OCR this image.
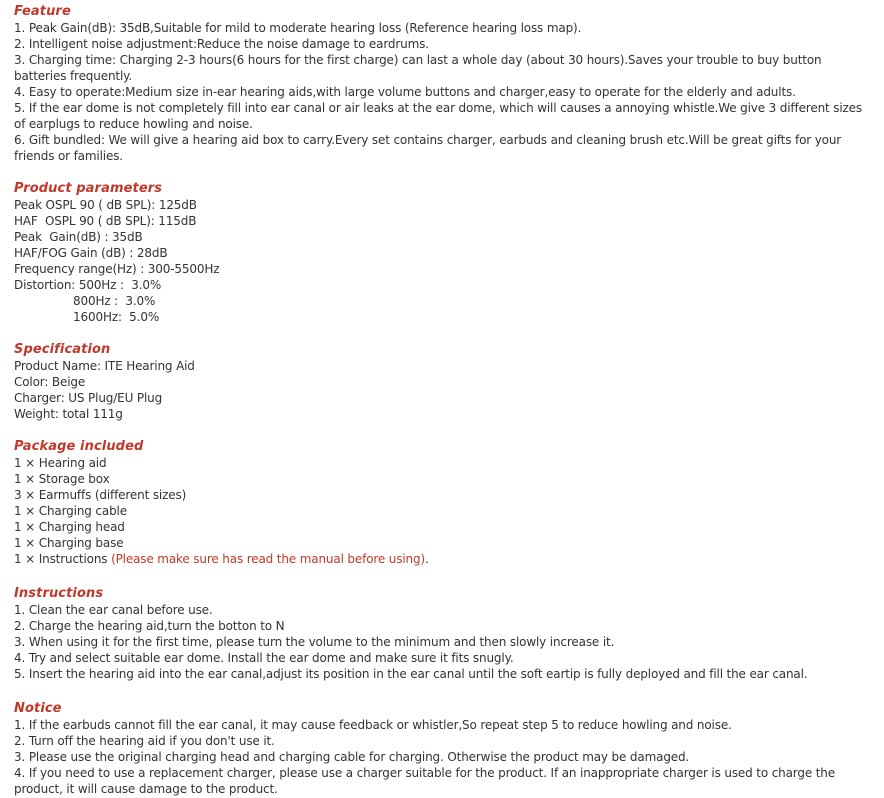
Feature
1. Peak Gain(dB): 35dB,Suitable for mild to moderate hearing loss (Reference hearing loss map).
2. Intelligent noise adjustment:Reduce the noise damage to eardrums.
3. Charging time: Charging 2-3 hours(6 hours for the first charge) can last a whole day (about 30 hours).Saves your trouble to buy button batteries frequently.
4. Easy to operate:Medium size in-ear hearing aids,with large volume buttons and charger,easy to operate for the elderly and adults.
5. If the ear dome is not completely fill into ear canal or air leaks at the ear dome, which will causes a annoying whistle.We give 3 different sizes of earplugs to reduce howling and noise.
6. Gift bundled: We will give a hearing aid box to carry.Every set contains charger, earbuds and cleaning brush etc.Will be great gifts for your friends or families.
Product parameters
Peak OSPL 90 ( dB SPL): 125dB
HAF  OSPL 90 ( dB SPL): 115dB
Peak  Gain(dB) : 35dB
HAF/FOG Gain (dB) : 28dB
Frequency range(Hz) : 300-5500Hz
Distortion: 500Hz :  3.0%
800Hz :  3.0%
1600Hz:  5.0%
Specification
Product Name: ITE Hearing Aid
Color: Beige
Charger: US Plug/EU Plug
Weight: total 111g
Package included
1 × Hearing aid
1 × Storage box
3 × Earmuffs (different sizes)
1 × Charging cable
1 × Charging head
1 × Charging base
1 × Instructions (Please make sure has read the manual before using).
Instructions
1. Clean the ear canal before use.
2. Charge the hearing aid,turn the botton to N
3. When using it for the first time, please turn the volume to the minimum and then slowly increase it.
4. Try and select suitable ear dome. Install the ear dome and make sure it fits snugly.
5. Insert the hearing aid into the ear canal,adjust its position in the ear canal until the soft eartip is fully deployed and fill the ear canal.
Notice
1. If the earbuds cannot fill the ear canal, it may cause feedback or whistler,So repeat step 5 to reduce howling and noise.
2. Turn off the hearing aid if you don't use it.
3. Please use the original charging head and charging cable for charging. Otherwise the product may be damaged.
4. If you need to use a replacement charger, please use a charger suitable for the product. If an inappropriate charger is used to charge the product, it will cause damage to the product.
